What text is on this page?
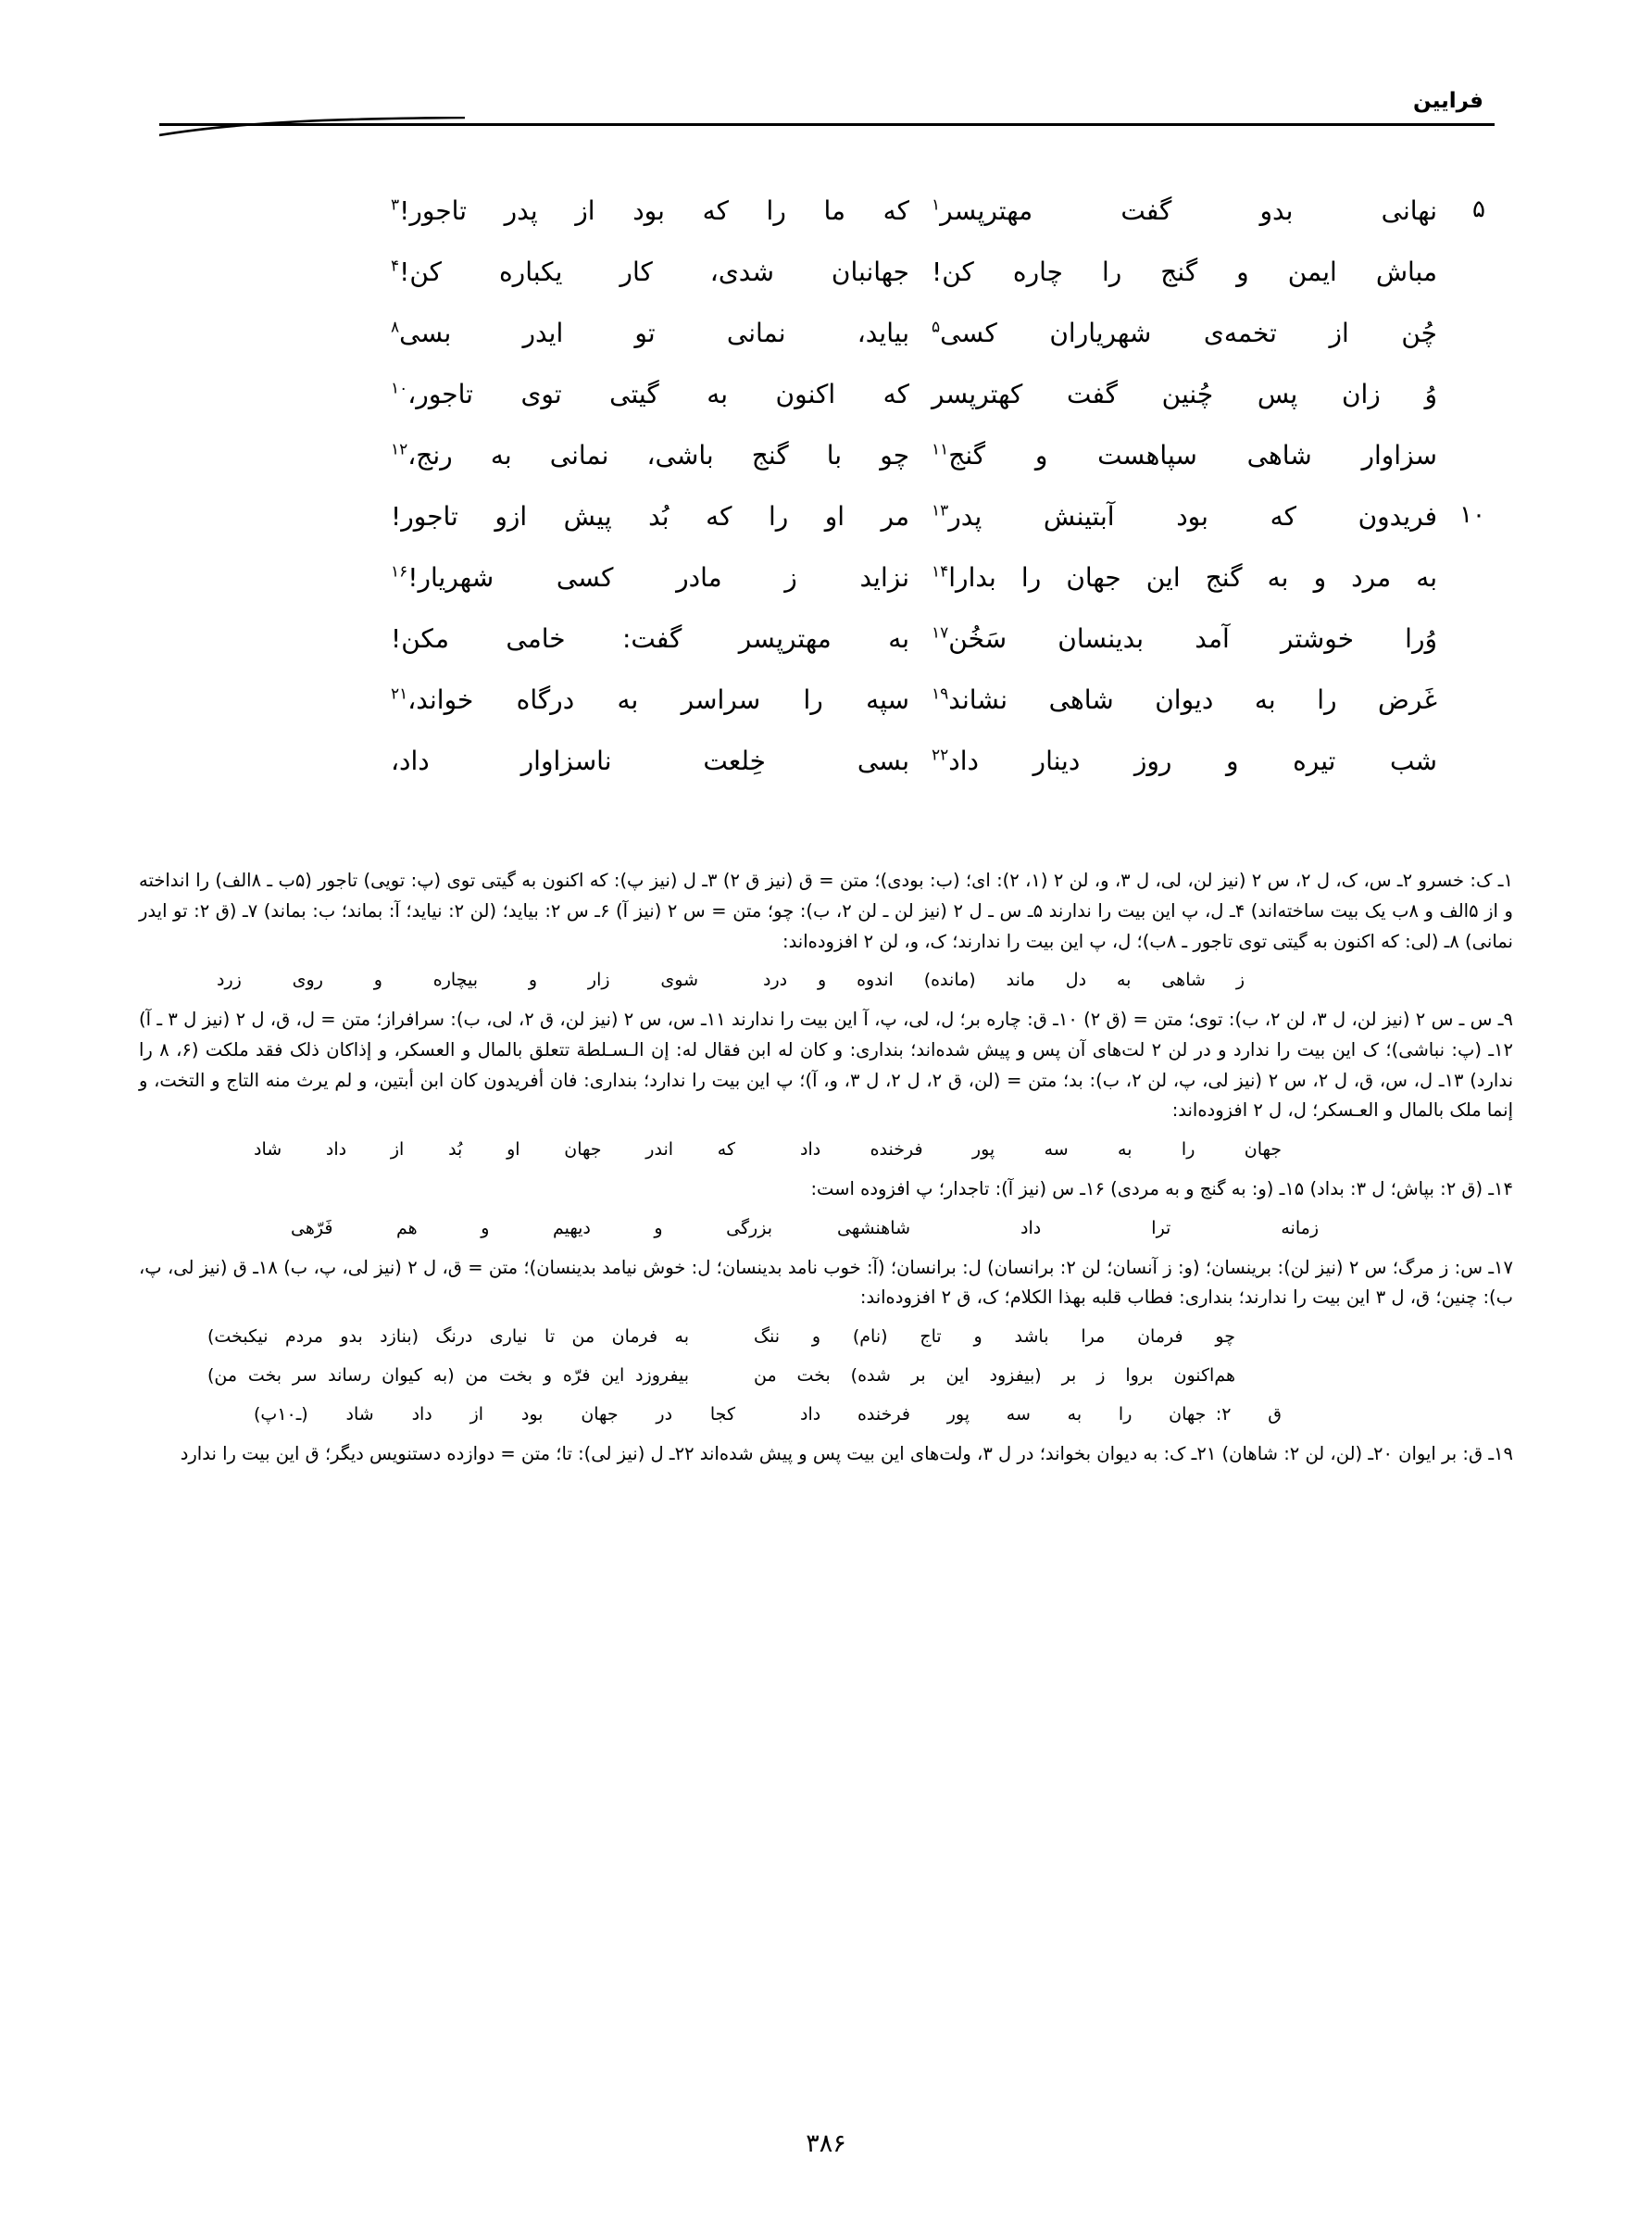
فرایین
۵
نهانی بدو گفت مهتر‌پسر$^۱$
که ما را که بود از پدر تاجور!$^۳$
مباش ایمن و گنج را چاره کن!
جهانبان شدی، کار یکباره کن!$^۴$
چُن از تخمه‌ی شهریاران کسی$^۵$
بیاید، نمانی تو ایدر بسی$^۸$
وُ زان پس چُنین گفت کهتر‌پسر
که اکنون به گیتی توی تاجور،$^{۱۰}$
سزاوار شاهی سپاهست و گنج$^{۱۱}$
چو با گنج باشی، نمانی به رنج،$^{۱۲}$
۱۰
فریدون که بود آبتینش پدر$^{۱۳}$
مر او را که بُد پیش ازو تاجور!
به مرد و به گنج این جهان را بدارا$^{۱۴}$
نزاید ز مادر کسی شهریار!$^{۱۶}$
وُرا خوشتر آمد بدینسان سَخُن$^{۱۷}$
به مهتر‌پسر گفت: خامی مکن!
غَرض را به دیوان شاهی نشاند$^{۱۹}$
سپه را سراسر به درگاه خواند،$^{۲۱}$
شب تیره و روز دینار داد$^{۲۲}$
بسی خِلعت ناسزاوار داد،

۱ـ ک: خسرو ۲ـ س، ک، ل ۲، س ۲ (نیز لن، لی، ل ۳، و، لن ۲ (۱، ۲): ای؛ (ب: بودی)؛ متن = ق (نیز ق ۲) ۳ـ ل (نیز پ): که اکنون به گیتی توی (پ: تویی) تاجور (۵ب ـ ۸الف) را انداخته و از ۵الف و ۸ب یک بیت ساخته‌اند) ۴ـ ل، پ این بیت را ندارند ۵ـ س ـ ل ۲ (نیز لن ـ لن ۲، ب): چو؛ متن = س ۲ (نیز آ) ۶ـ س ۲: بیاید؛ (لن ۲: نیاید؛ آ: بماند؛ ب: بماند) ۷ـ (ق ۲: تو ایدر نمانی) ۸ـ (لی: که اکنون به گیتی توی تاجور ـ ۸ب)؛ ل، پ این بیت را ندارند؛ ک، و، لن ۲ افزوده‌اند:

ز شاهی به دل ماند (مانده) اندوه و درد
شوی زار و بیچاره و روی زرد

۹ـ س ـ س ۲ (نیز لن، ل ۳، لن ۲، ب): توی؛ متن = (ق ۲) ۱۰ـ ق: چاره بر؛ ل، لی، پ، آ این بیت را ندارند ۱۱ـ س، س ۲ (نیز لن، ق ۲، لی، ب): سرافراز؛ متن = ل، ق، ل ۲ (نیز ل ۳ ـ آ) ۱۲ـ (پ: نباشی)؛ ک این بیت را ندارد و در لن ۲ لت‌های آن پس و پیش شده‌اند؛ بنداری: و کان له ابن فقال له: إن الـسـلطة تتعلق بالمال و العسکر، و إذاکان ذلک فقد ملکت (۶، ۸ را ندارد) ۱۳ـ ل، س، ق، ل ۲، س ۲ (نیز لی، پ، لن ۲، ب): بد؛ متن = (لن، ق ۲، ل ۲، ل ۳، و، آ)؛ پ این بیت را ندارد؛ بنداری: فان أفریدون کان ابن أبتین، و لم یرث منه التاج و التخت، و إنما ملک بالمال و العـسکر؛ ل، ل ۲ افزوده‌اند:

جهان را به سه پور فرخنده داد
که اندر جهان او بُد از داد شاد

۱۴ـ (ق ۲: بپاش؛ ل ۳: بداد) ۱۵ـ (و: به گنج و به مردی) ۱۶ـ س (نیز آ): تاجدار؛ پ افزوده است:

زمانه ترا داد شاهنشهی
بزرگی و دیهیم و هم فَرّهی

۱۷ـ س: ز مرگ؛ س ۲ (نیز لن): برینسان؛ (و: ز آنسان؛ لن ۲: برانسان) ل: برانسان؛ (آ: خوب نامد بدینسان؛ ل: خوش نیامد بدینسان)؛ متن = ق، ل ۲ (نیز لی، پ، ب) ۱۸ـ ق (نیز لی، پ، ب): چنین؛ ق، ل ۳ این بیت را ندارند؛ بنداری: فطاب قلبه بهذا الکلام؛ ک، ق ۲ افزوده‌اند:

چو فرمان مرا باشد و تاج (نام) و ننگ
به فرمان من تا نیاری درنگ (بنازد بدو مردم نیکبخت)
هم‌اکنون بروا ز بر (بیفزود این بر شده) بخت من
بیفروزد این فرّه و بخت من (به کیوان رساند سر بخت من)
ق ۲:جهان را به سه پور فرخنده داد
کجا در جهان بود از داد شاد (ـ۱۰پ)

۱۹ـ ق: بر ایوان ۲۰ـ (لن، لن ۲: شاهان) ۲۱ـ ک: به دیوان بخواند؛ در ل ۳، ولت‌های این بیت پس و پیش شده‌اند ۲۲ـ ل (نیز لی): تا؛ متن = دوازده دستنویس دیگر؛ ق این بیت را ندارد

۳۸۶
